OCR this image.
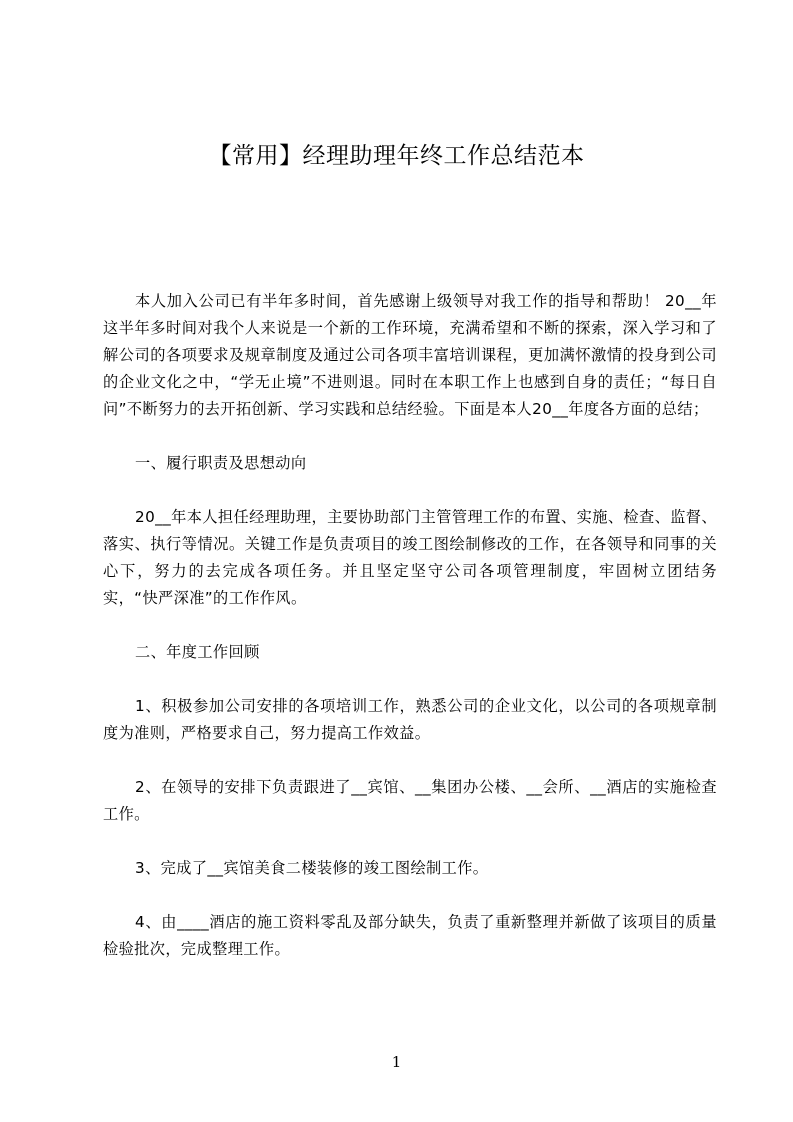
【常用】经理助理年终工作总结范本

本人加入公司已有半年多时间，首先感谢上级领导对我工作的指导和帮助！ 20__年这半年多时间对我个人来说是一个新的工作环境，充满希望和不断的探索，深入学习和了解公司的各项要求及规章制度及通过公司各项丰富培训课程，更加满怀激情的投身到公司的企业文化之中，“学无止境”不进则退。同时在本职工作上也感到自身的责任；“每日自问”不断努力的去开拓创新、学习实践和总结经验。下面是本人20__年度各方面的总结；

一、履行职责及思想动向

20__年本人担任经理助理，主要协助部门主管管理工作的布置、实施、检查、监督、落实、执行等情况。关键工作是负责项目的竣工图绘制修改的工作，在各领导和同事的关心下，努力的去完成各项任务。并且坚定坚守公司各项管理制度，牢固树立团结务实，“快严深准”的工作作风。

二、年度工作回顾

1、积极参加公司安排的各项培训工作，熟悉公司的企业文化，以公司的各项规章制度为准则，严格要求自己，努力提高工作效益。

2、在领导的安排下负责跟进了__宾馆、__集团办公楼、__会所、__酒店的实施检查工作。

3、完成了__宾馆美食二楼装修的竣工图绘制工作。

4、由____酒店的施工资料零乱及部分缺失，负责了重新整理并新做了该项目的质量检验批次，完成整理工作。

1
